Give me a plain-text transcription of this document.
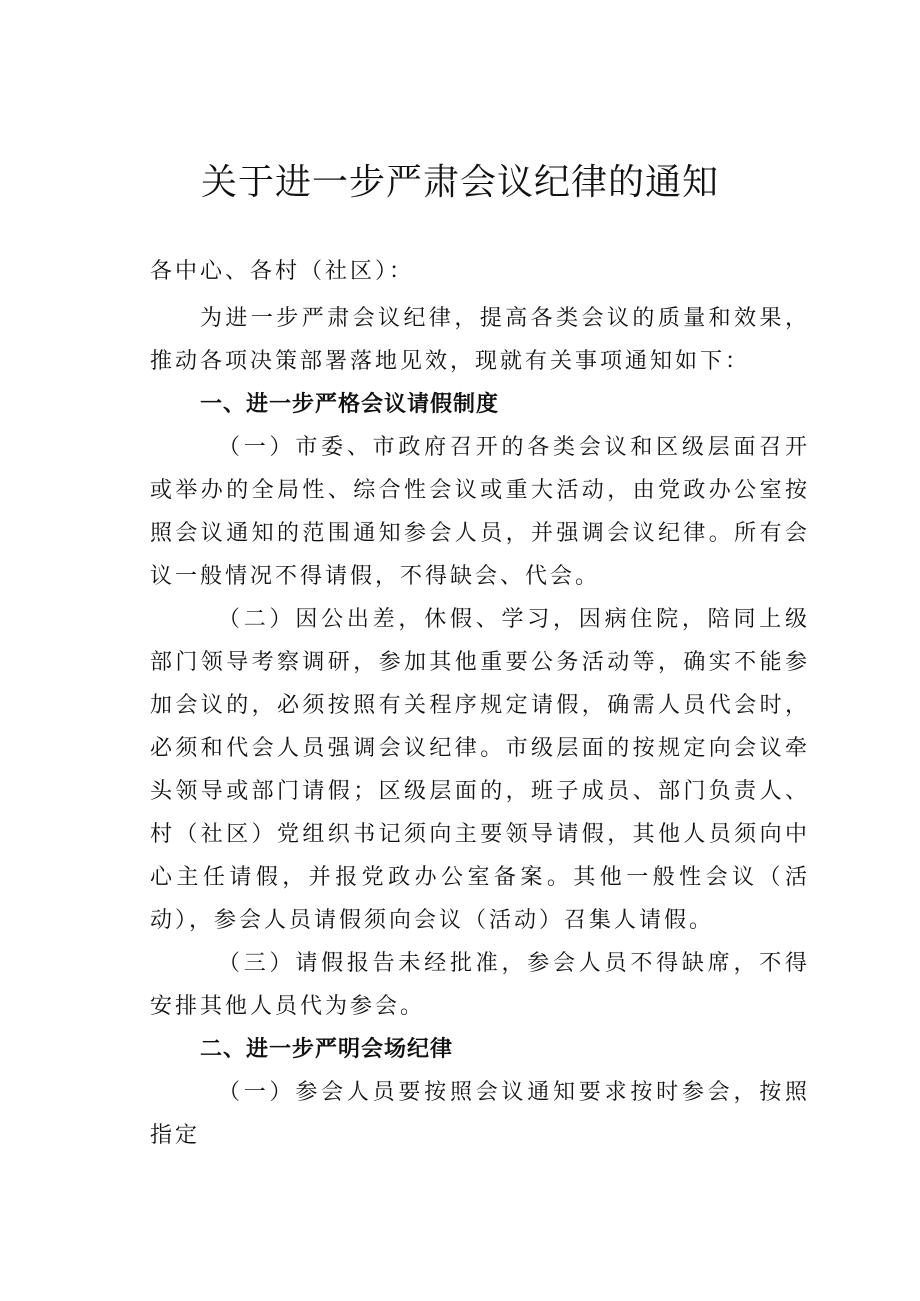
关于进一步严肃会议纪律的通知

各中心、各村（社区）：

为进一步严肃会议纪律，提高各类会议的质量和效果，推动各项决策部署落地见效，现就有关事项通知如下：

一、进一步严格会议请假制度

（一）市委、市政府召开的各类会议和区级层面召开或举办的全局性、综合性会议或重大活动，由党政办公室按照会议通知的范围通知参会人员，并强调会议纪律。所有会议一般情况不得请假，不得缺会、代会。

（二）因公出差，休假、学习，因病住院，陪同上级部门领导考察调研，参加其他重要公务活动等，确实不能参加会议的，必须按照有关程序规定请假，确需人员代会时，必须和代会人员强调会议纪律。市级层面的按规定向会议牵头领导或部门请假；区级层面的，班子成员、部门负责人、村（社区）党组织书记须向主要领导请假，其他人员须向中心主任请假，并报党政办公室备案。其他一般性会议（活动），参会人员请假须向会议（活动）召集人请假。

（三）请假报告未经批准，参会人员不得缺席，不得安排其他人员代为参会。

二、进一步严明会场纪律

（一）参会人员要按照会议通知要求按时参会，按照指定
